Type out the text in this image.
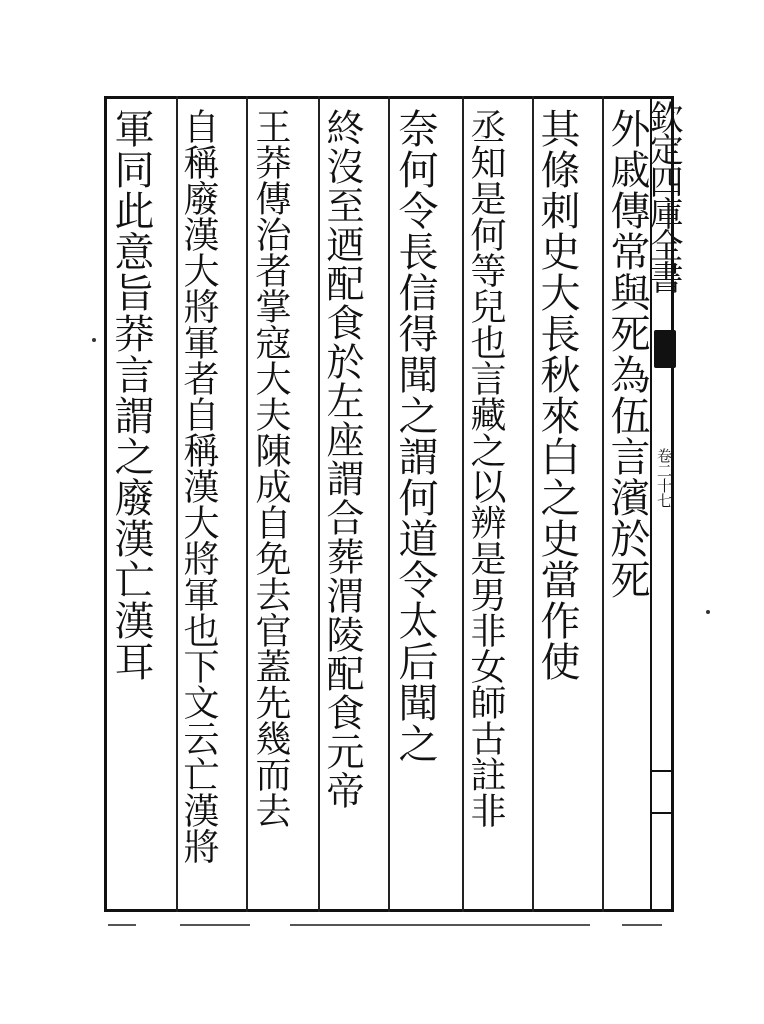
欽定四庫全書
卷二十七
外戚傳常與死為伍言濱於死
其條刺史大長秋來白之史當作使
丞知是何等兒也言藏之以辨是男非女師古註非
奈何令長信得聞之謂何道令太后聞之
終沒至迺配食於左座謂合葬渭陵配食元帝
王莽傳治者掌寇大夫陳成自免去官蓋先幾而去
自稱廢漢大將軍者自稱漢大將軍也下文云亡漢將
軍同此意旨莽言謂之廢漢亡漢耳
